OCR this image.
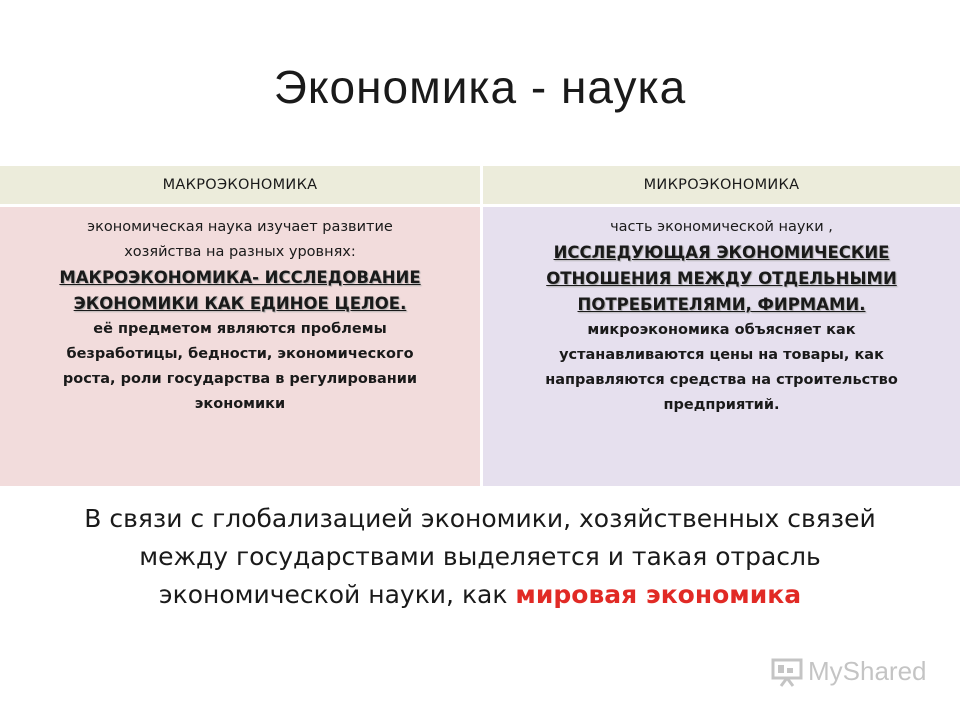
Экономика - наука
МАКРОЭКОНОМИКА	МИКРОЭКОНОМИКА
экономическая наука изучает развитие
хозяйства на разных уровнях:
МАКРОЭКОНОМИКА- ИССЛЕДОВАНИЕ
ЭКОНОМИКИ КАК ЕДИНОЕ ЦЕЛОЕ.
её предметом являются проблемы
безработицы, бедности, экономического
роста, роли государства в регулировании
экономики
часть экономической науки ,
ИССЛЕДУЮЩАЯ ЭКОНОМИЧЕСКИЕ
ОТНОШЕНИЯ МЕЖДУ ОТДЕЛЬНЫМИ
ПОТРЕБИТЕЛЯМИ, ФИРМАМИ.
микроэкономика объясняет как
устанавливаются цены на товары, как
направляются средства на строительство
предприятий.
В связи с глобализацией экономики, хозяйственных связей
между государствами выделяется и такая отрасль
экономической науки, как мировая экономика
MyShared
